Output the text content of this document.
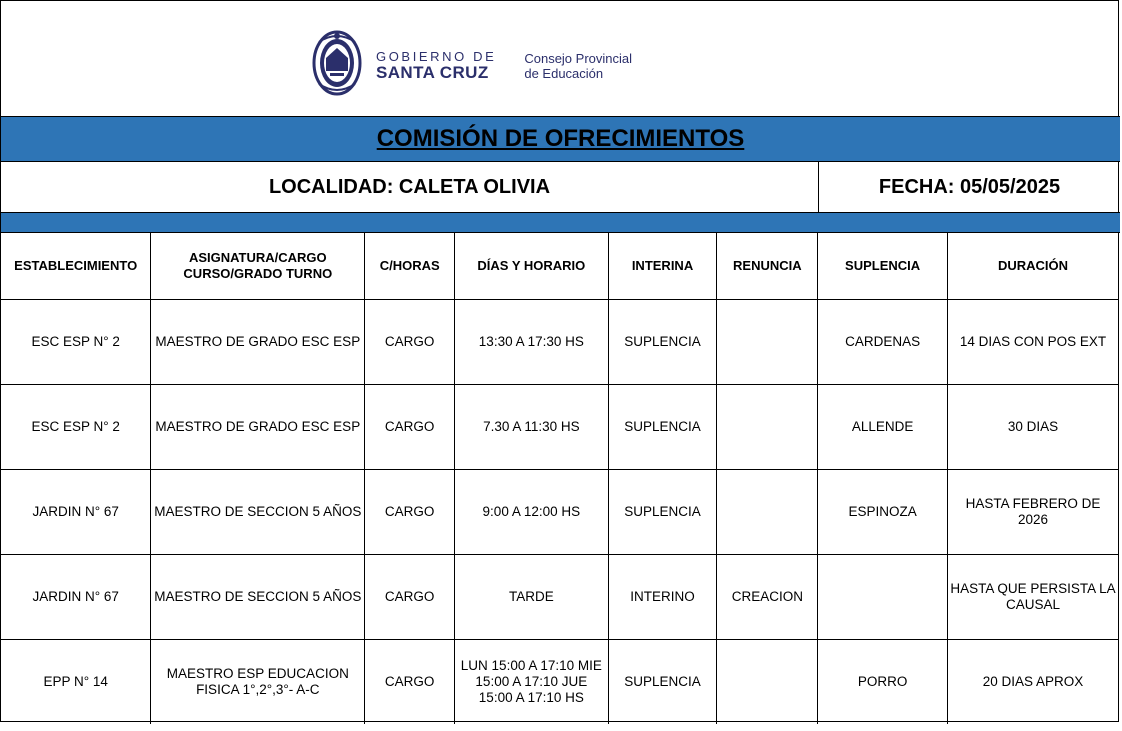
GOBIERNO DE
SANTA CRUZ
Consejo Provincial
de Educación
COMISIÓN DE OFRECIMIENTOS
LOCALIDAD: CALETA OLIVIA	FECHA: 05/05/2025
ESTABLECIMIENTO	ASIGNATURA/CARGO CURSO/GRADO TURNO	C/HORAS	DÍAS Y HORARIO	INTERINA	RENUNCIA	SUPLENCIA	DURACIÓN
ESC ESP N° 2	MAESTRO DE GRADO ESC ESP	CARGO	13:30 A 17:30 HS	SUPLENCIA		CARDENAS	14 DIAS CON POS EXT
ESC ESP N° 2	MAESTRO DE GRADO ESC ESP	CARGO	7.30 A 11:30 HS	SUPLENCIA		ALLENDE	30 DIAS
JARDIN N° 67	MAESTRO DE SECCION 5 AÑOS	CARGO	9:00 A 12:00 HS	SUPLENCIA		ESPINOZA	HASTA FEBRERO DE 2026
JARDIN N° 67	MAESTRO DE SECCION 5 AÑOS	CARGO	TARDE	INTERINO	CREACION		HASTA QUE PERSISTA LA CAUSAL
EPP N° 14	MAESTRO ESP EDUCACION FISICA 1°,2°,3°- A-C	CARGO	LUN 15:00 A 17:10 MIE 15:00 A 17:10 JUE 15:00 A 17:10 HS	SUPLENCIA		PORRO	20 DIAS APROX
